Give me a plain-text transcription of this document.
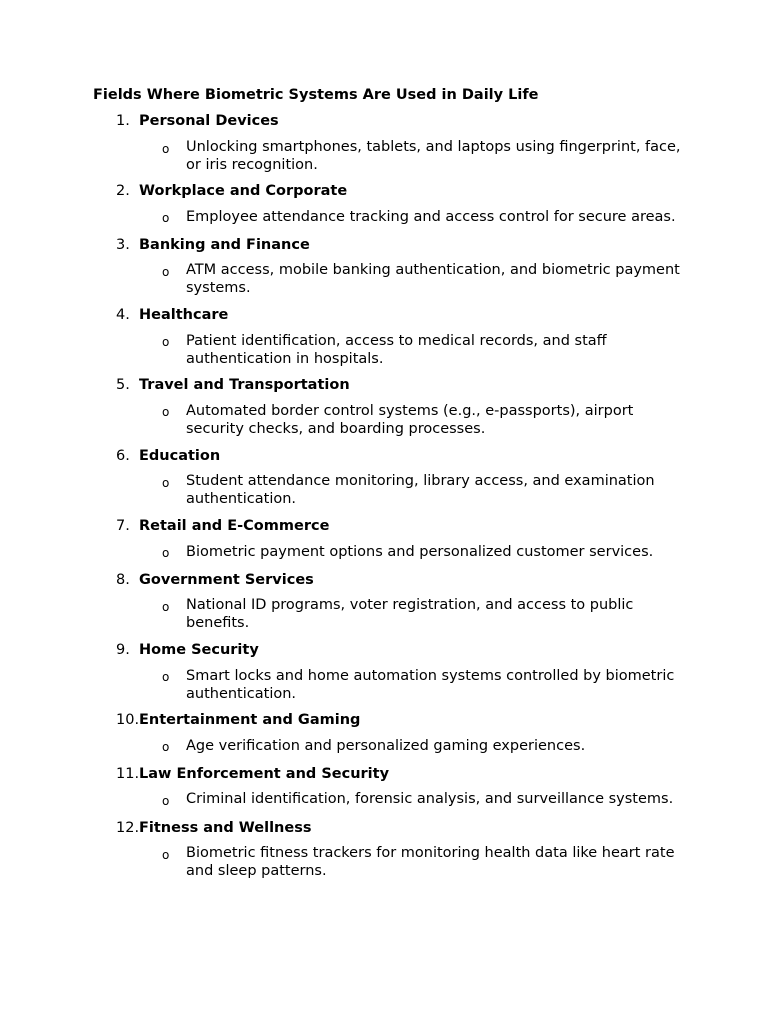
Fields Where Biometric Systems Are Used in Daily Life
1. Personal Devices
o Unlocking smartphones, tablets, and laptops using fingerprint, face, or iris recognition.
2. Workplace and Corporate
o Employee attendance tracking and access control for secure areas.
3. Banking and Finance
o ATM access, mobile banking authentication, and biometric payment systems.
4. Healthcare
o Patient identification, access to medical records, and staff authentication in hospitals.
5. Travel and Transportation
o Automated border control systems (e.g., e-passports), airport security checks, and boarding processes.
6. Education
o Student attendance monitoring, library access, and examination authentication.
7. Retail and E-Commerce
o Biometric payment options and personalized customer services.
8. Government Services
o National ID programs, voter registration, and access to public benefits.
9. Home Security
o Smart locks and home automation systems controlled by biometric authentication.
10. Entertainment and Gaming
o Age verification and personalized gaming experiences.
11. Law Enforcement and Security
o Criminal identification, forensic analysis, and surveillance systems.
12. Fitness and Wellness
o Biometric fitness trackers for monitoring health data like heart rate and sleep patterns.
